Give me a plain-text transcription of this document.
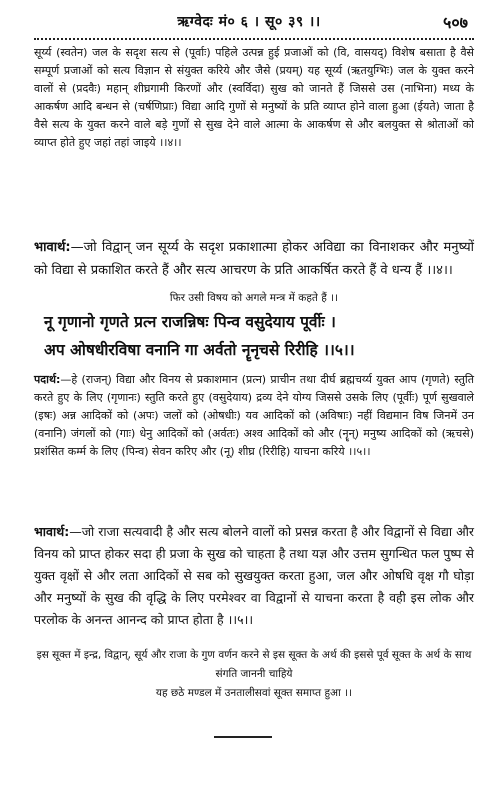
ऋग्वेदः मं० ६ । सू० ३९ ।।	५०७
सूर्य्य (स्वतेन) जल के सदृश सत्य से (पूर्वाः) पहिले उत्पन्न हुई प्रजाओं को (वि, वासयद्) विशेष बसाता है वैसे सम्पूर्ण प्रजाओं को सत्य विज्ञान से संयुक्त करिये और जैसे (प्रयम्) यह सूर्य्य (ऋतयुग्भिः) जल के युक्त करने वालों से (प्रदवैः) महान् शीघ्रगामी किरणों और (स्वर्विदा) सुख को जानते हैं जिससे उस (नाभिना) मध्य के आकर्षण आदि बन्धन से (चर्षणिप्राः) विद्या आदि गुणों से मनुष्यों के प्रति व्याप्त होने वाला हुआ (ईयते) जाता है वैसे सत्य के युक्त करने वाले बड़े गुणों से सुख देने वाले आत्मा के आकर्षण से और बलयुक्त से श्रोताओं को व्याप्त होते हुए जहां तहां जाइये ।।४।।
भावार्थ:—जो विद्वान् जन सूर्य्य के सदृश प्रकाशात्मा होकर अविद्या का विनाशकर और मनुष्यों को विद्या से प्रकाशित करते हैं और सत्य आचरण के प्रति आकर्षित करते हैं वे धन्य हैं ।।४।।
फिर उसी विषय को अगले मन्त्र में कहते हैं ।।
नू गृणानो गृणते प्रत्न राजन्निषः पिन्व वसुदेयाय पूर्वीः ।
अप ओषधीरविषा वनानि गा अर्वतो नॄनृचसे रिरीहि ।।५।।
पदार्थ:—हे (राजन्) विद्या और विनय से प्रकाशमान (प्रत्न) प्राचीन तथा दीर्घ ब्रह्मचर्य्य युक्त आप (गृणते) स्तुति करते हुए के लिए (गृणानः) स्तुति करते हुए (वसुदेयाय) द्रव्य देने योग्य जिससे उसके लिए (पूर्वीः) पूर्ण सुखवाले (इषः) अन्न आदिकों को (अपः) जलों को (ओषधीः) यव आदिकों को (अविषाः) नहीं विद्यमान विष जिनमें उन (वनानि) जंगलों को (गाः) धेनु आदिकों को (अर्वतः) अश्व आदिकों को और (नॄन्) मनुष्य आदिकों को (ऋचसे) प्रशंसित कर्म्म के लिए (पिन्व) सेवन करिए और (नू) शीघ्र (रिरीहि) याचना करिये ।।५।।
भावार्थ:—जो राजा सत्यवादी है और सत्य बोलने वालों को प्रसन्न करता है और विद्वानों से विद्या और विनय को प्राप्त होकर सदा ही प्रजा के सुख को चाहता है तथा यज्ञ और उत्तम सुगन्धित फल पुष्प से युक्त वृक्षों से और लता आदिकों से सब को सुखयुक्त करता हुआ, जल और ओषधि वृक्ष गौ घोड़ा और मनुष्यों के सुख की वृद्धि के लिए परमेश्वर वा विद्वानों से याचना करता है वही इस लोक और परलोक के अनन्त आनन्द को प्राप्त होता है ।।५।।
इस सूक्त में इन्द्र, विद्वान्, सूर्य और राजा के गुण वर्णन करने से इस सूक्त के अर्थ की इससे पूर्व सूक्त के अर्थ के साथ संगति जाननी चाहिये
यह छठे मण्डल में उनतालीसवां सूक्त समाप्त हुआ ।।
